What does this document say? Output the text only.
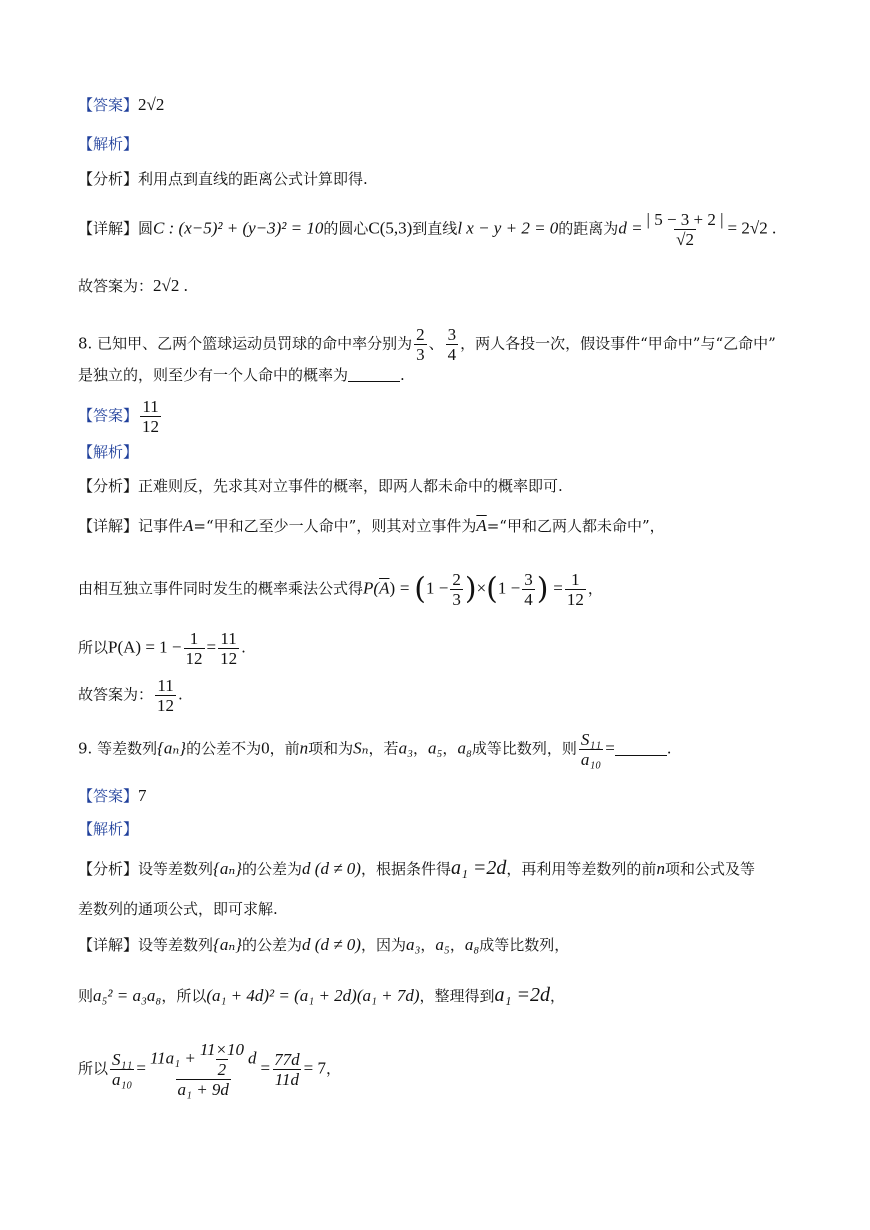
【答案】2√2
【解析】
【分析】利用点到直线的距离公式计算即得.
【详解】圆C : (x−5)² + (y−3)² = 10的圆心C(5,3)到直线l x − y + 2 = 0的距离为$d = \frac{| 5 - 3 + 2 |}{√2} = 2√2$ .
故答案为：2√2 .
8. 已知甲、乙两个篮球运动员罚球的命中率分别为 $\frac{2}{3}$ 、 $\frac{3}{4}$ ，两人各投一次，假设事件“甲命中”与“乙命中”
是独立的，则至少有一个人命中的概率为	.
【答案】 $\frac{11}{12}$
【解析】
【分析】正难则反，先求其对立事件的概率，即两人都未命中的概率即可.
【详解】记事件A=“甲和乙至少一人命中”，则其对立事件为$\overline{A}=“$甲和乙两人都未命中”，
由相互独立事件同时发生的概率乘法公式得$P(\overline{A}) = (1 - \frac{2}{3} )\times(1 - \frac{3}{4}$ ) = $\frac{1}{12}$ ，
所以$P(A) = 1 - \frac{1}{12} = \frac{11}{12}$ .
故答案为： $\frac{11}{12}$ .
9. 等差数列{aₙ}的公差不为0，前n项和为Sₙ，若a₃，a₅，a₈成等比数列，则 $\frac{\text{S₁₁}}{\text{a₁₀}}$ =	.
【答案】7
【解析】
【分析】设等差数列{aₙ}的公差为d (d ≠ 0)，根据条件得a₁ =2d，再利用等差数列的前n项和公式及等
差数列的通项公式，即可求解.
【详解】设等差数列{aₙ}的公差为d (d ≠ 0)，因为a₃，a₅，a₈成等比数列，
则a₅² = a₃a₈，所以(a₁ + 4d)² = (a₁ + 2d)(a₁ + 7d)，整理得到a₁ =2d，
所以 $\frac{\text{S₁₁}}{\text{a₁₀}} = \frac{11a_1 + \frac{11\times 10}{2} d}{\text{a₁ + 9d}} = \frac{77d}{11d} = 7$，
